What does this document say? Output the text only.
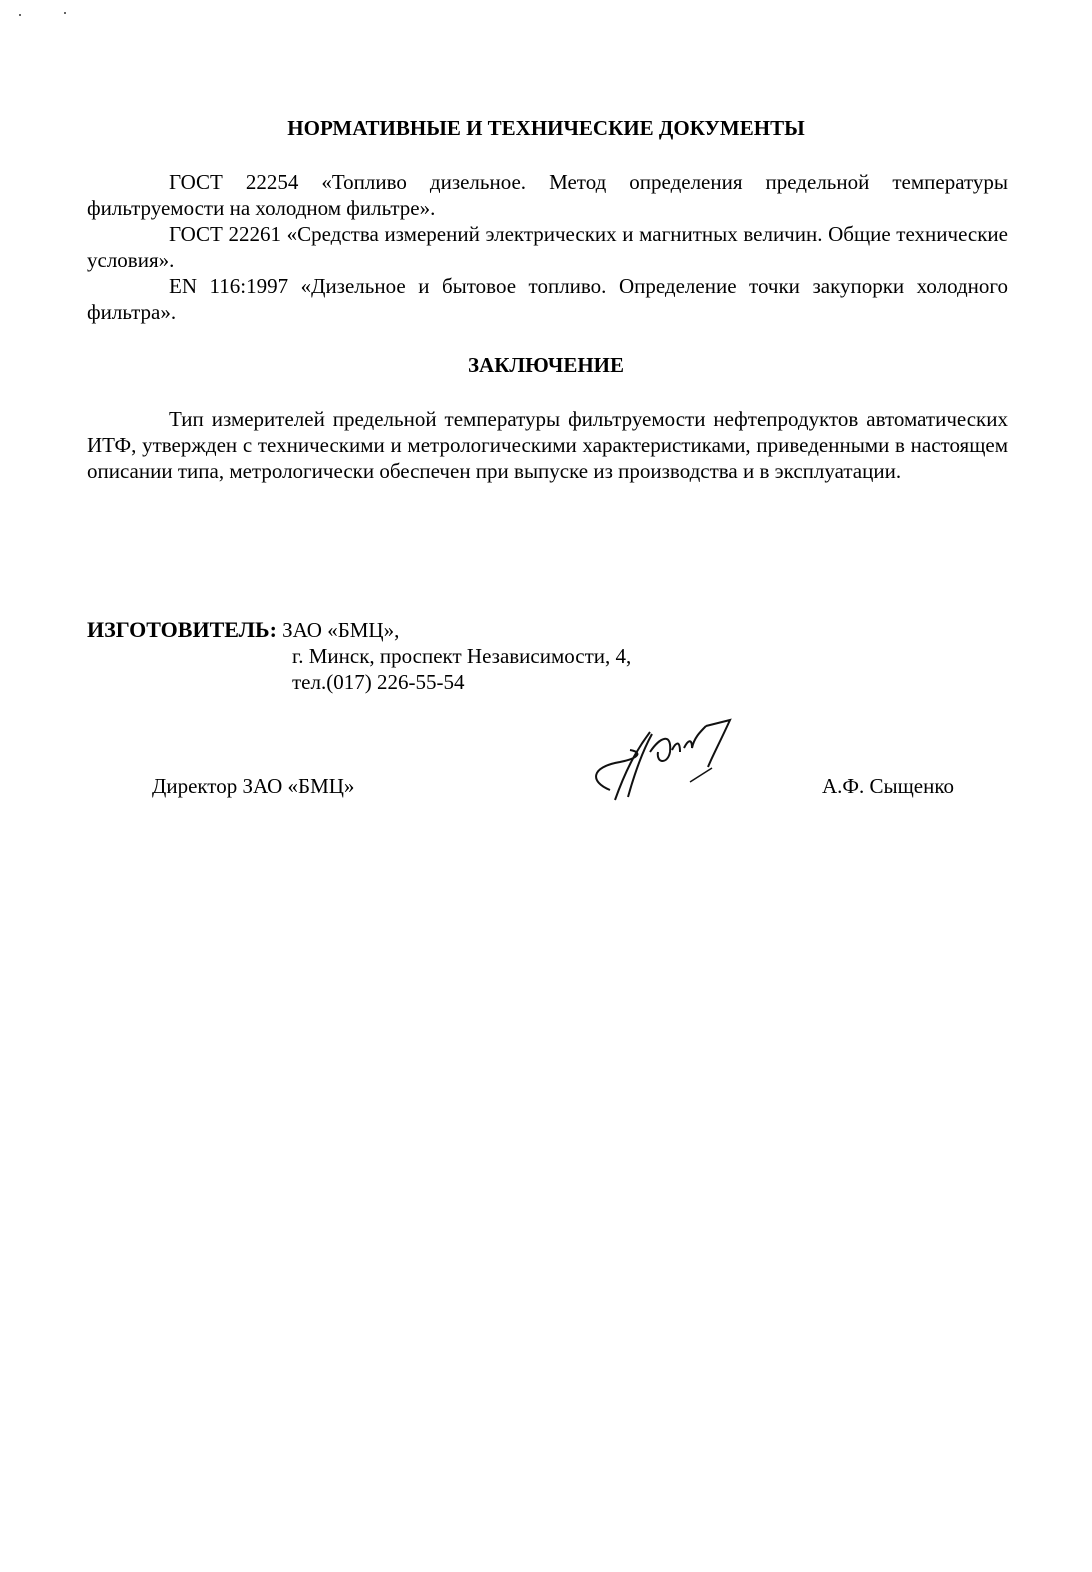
НОРМАТИВНЫЕ И ТЕХНИЧЕСКИЕ ДОКУМЕНТЫ

ГОСТ 22254 «Топливо дизельное. Метод определения предельной температуры фильтруемости на холодном фильтре».

ГОСТ 22261 «Средства измерений электрических и магнитных величин. Общие технические условия».

EN 116:1997 «Дизельное и бытовое топливо. Определение точки закупорки холодного фильтра».

ЗАКЛЮЧЕНИЕ

Тип измерителей предельной температуры фильтруемости нефтепродуктов автоматических ИТФ, утвержден с техническими и метрологическими характеристиками, приведенными в настоящем описании типа, метрологически обеспечен при выпуске из производства и в эксплуатации.

ИЗГОТОВИТЕЛЬ: ЗАО «БМЦ»,
г. Минск, проспект Независимости, 4,
тел.(017) 226-55-54
Директор ЗАО «БМЦ»	А.Ф. Сыщенко
